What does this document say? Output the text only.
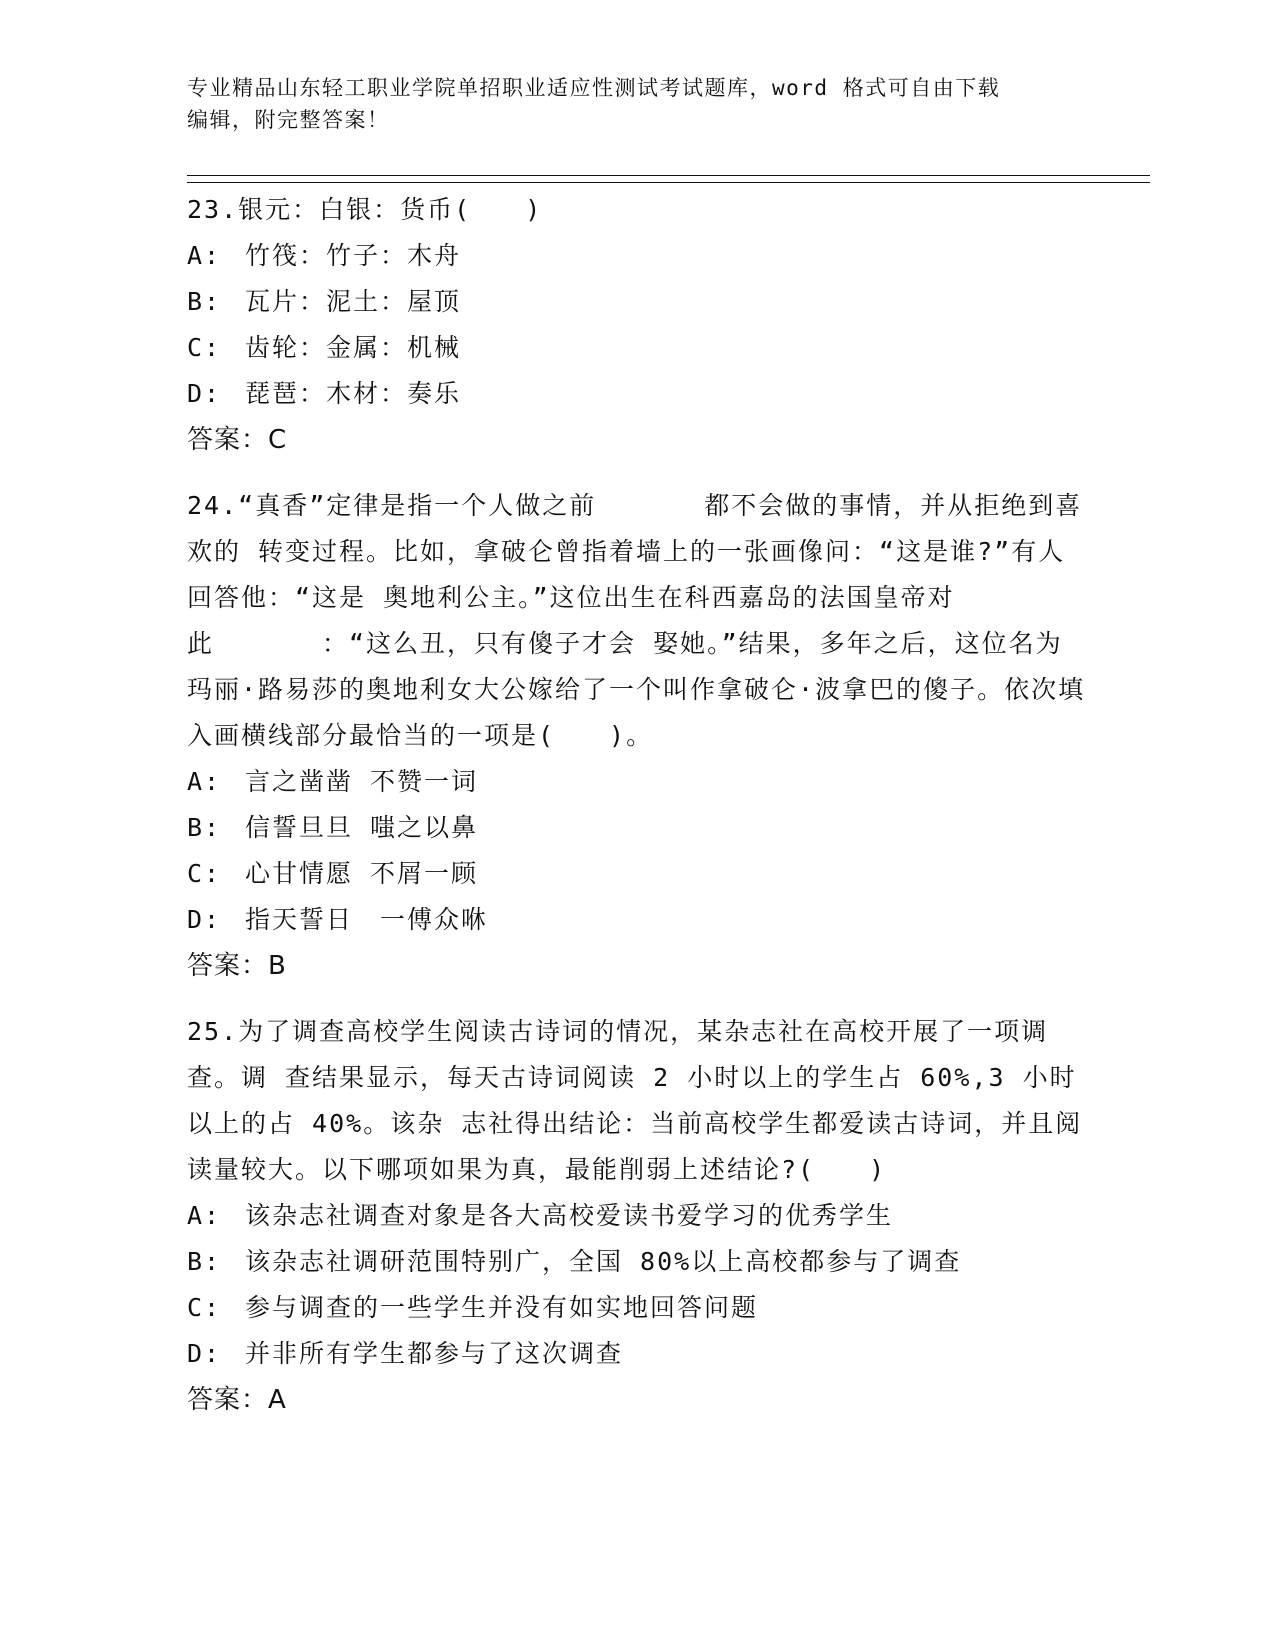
专业精品山东轻工职业学院单招职业适应性测试考试题库，word 格式可自由下载
编辑，附完整答案！
23.银元：白银：货币(　　)
A: 竹筏：竹子：木舟
B: 瓦片：泥土：屋顶
C: 齿轮：金属：机械
D: 琵琶：木材：奏乐
答案：C
24.“真香”定律是指一个人做之前　　　　都不会做的事情，并从拒绝到喜欢的 转变过程。比如，拿破仑曾指着墙上的一张画像问：“这是谁?”有人回答他：“这是 奥地利公主。”这位出生在科西嘉岛的法国皇帝对此　　　　：“这么丑，只有傻子才会 娶她。”结果，多年之后，这位名为玛丽·路易莎的奥地利女大公嫁给了一个叫作拿破仑·波拿巴的傻子。依次填入画横线部分最恰当的一项是(　　)。
A: 言之凿凿 不赞一词
B: 信誓旦旦 嗤之以鼻
C: 心甘情愿 不屑一顾
D: 指天誓日　一傅众咻
答案：B
25.为了调查高校学生阅读古诗词的情况，某杂志社在高校开展了一项调查。调 查结果显示，每天古诗词阅读 2 小时以上的学生占 60%,3 小时以上的占 40%。该杂 志社得出结论：当前高校学生都爱读古诗词，并且阅读量较大。以下哪项如果为真，最能削弱上述结论?(　　)
A: 该杂志社调查对象是各大高校爱读书爱学习的优秀学生
B: 该杂志社调研范围特别广，全国 80%以上高校都参与了调查
C: 参与调查的一些学生并没有如实地回答问题
D: 并非所有学生都参与了这次调查
答案：A
